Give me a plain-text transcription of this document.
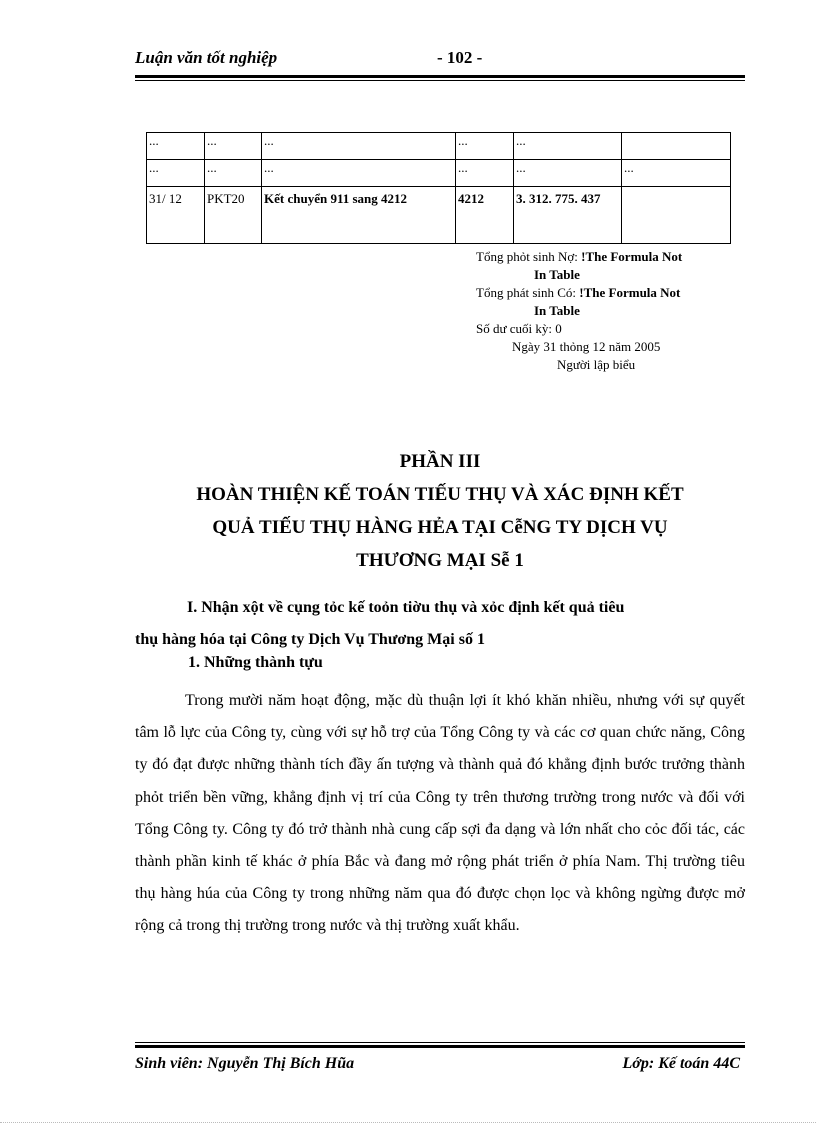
Luận văn tốt nghiệp	- 102 -
...	...	...	...	...	
...	...	...	...	...	...
31/ 12	PKT20	Kết chuyển 911 sang 4212	4212	3. 312. 775. 437	
Tổng phỏt sinh Nợ: !The Formula Not
In Table
Tổng phát sinh Có: !The Formula Not
In Table
Số dư cuối kỳ: 0
Ngày 31 thỏng 12 năm 2005
Người lập biểu
PHẦN III
HOÀN THIỆN KẾ TOÁN TIẾU THỤ VÀ XÁC ĐỊNH KẾT
QUẢ TIẾU THỤ HÀNG HẺA TẠI CễNG TY DỊCH VỤ
THƯƠNG MẠI Sễ 1
I. Nhận xột về cụng tỏc kế toỏn tiờu thụ và xỏc định kết quả tiêu
thụ hàng hóa tại Công ty Dịch Vụ Thương Mại số 1
1. Những thành tựu

Trong mười năm hoạt động, mặc dù thuận lợi ít khó khăn nhiều, nhưng với sự quyết tâm lỗ lực của Công ty, cùng với sự hỗ trợ của Tổng Công ty và các cơ quan chức năng, Công ty đó đạt được những thành tích đầy ấn tượng và thành quả đó khẳng định bước trưởng thành phỏt triển bền vững, khẳng định vị trí của Công ty trên thương trường trong nước và đối với Tổng Công ty. Công ty đó trở thành nhà cung cấp sợi đa dạng và lớn nhất cho cỏc đối tác, các thành phần kinh tế khác ở phía Bắc và đang mở rộng phát triển ở phía Nam. Thị trường tiêu thụ hàng húa của Công ty trong những năm qua đó được chọn lọc và không ngừng được mở rộng cả trong thị trường trong nước và thị trường xuất khẩu.

Sinh viên: Nguyễn Thị Bích Hũa	Lớp: Kế toán 44C
